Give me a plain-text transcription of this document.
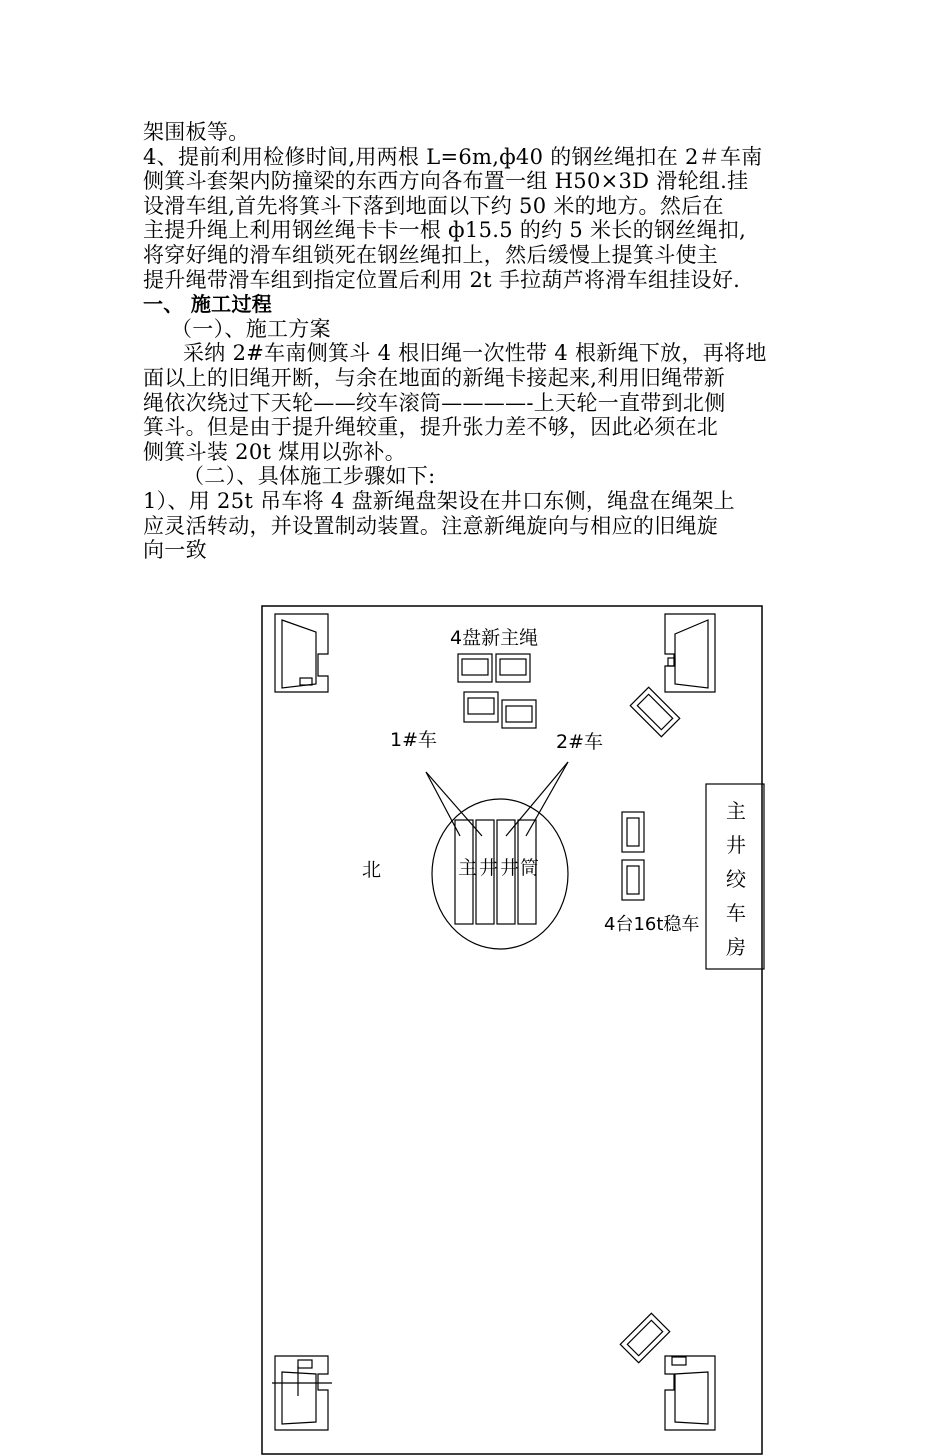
架围板等。
4、提前利用检修时间,用两根 L=6m,ф40 的钢丝绳扣在 2＃车南
侧箕斗套架内防撞梁的东西方向各布置一组 H50×3D 滑轮组.挂
设滑车组,首先将箕斗下落到地面以下约 50 米的地方。然后在
主提升绳上利用钢丝绳卡卡一根 ф15.5 的约 5 米长的钢丝绳扣,
将穿好绳的滑车组锁死在钢丝绳扣上，然后缓慢上提箕斗使主
提升绳带滑车组到指定位置后利用 2t 手拉葫芦将滑车组挂设好.
一、 施工过程
（一）、施工方案
采纳 2#车南侧箕斗 4 根旧绳一次性带 4 根新绳下放，再将地
面以上的旧绳开断，与余在地面的新绳卡接起来,利用旧绳带新
绳依次绕过下天轮——绞车滚筒————-上天轮一直带到北侧
箕斗。但是由于提升绳较重，提升张力差不够，因此必须在北
侧箕斗装 20t 煤用以弥补。
（二）、具体施工步骤如下:
1）、用 25t 吊车将 4 盘新绳盘架设在井口东侧，绳盘在绳架上
应灵活转动，并设置制动装置。注意新绳旋向与相应的旧绳旋
向一致
4盘新主绳
1#车	2#车
北	主 井 井 筒
4台16t稳车
主
井
绞
车
房
